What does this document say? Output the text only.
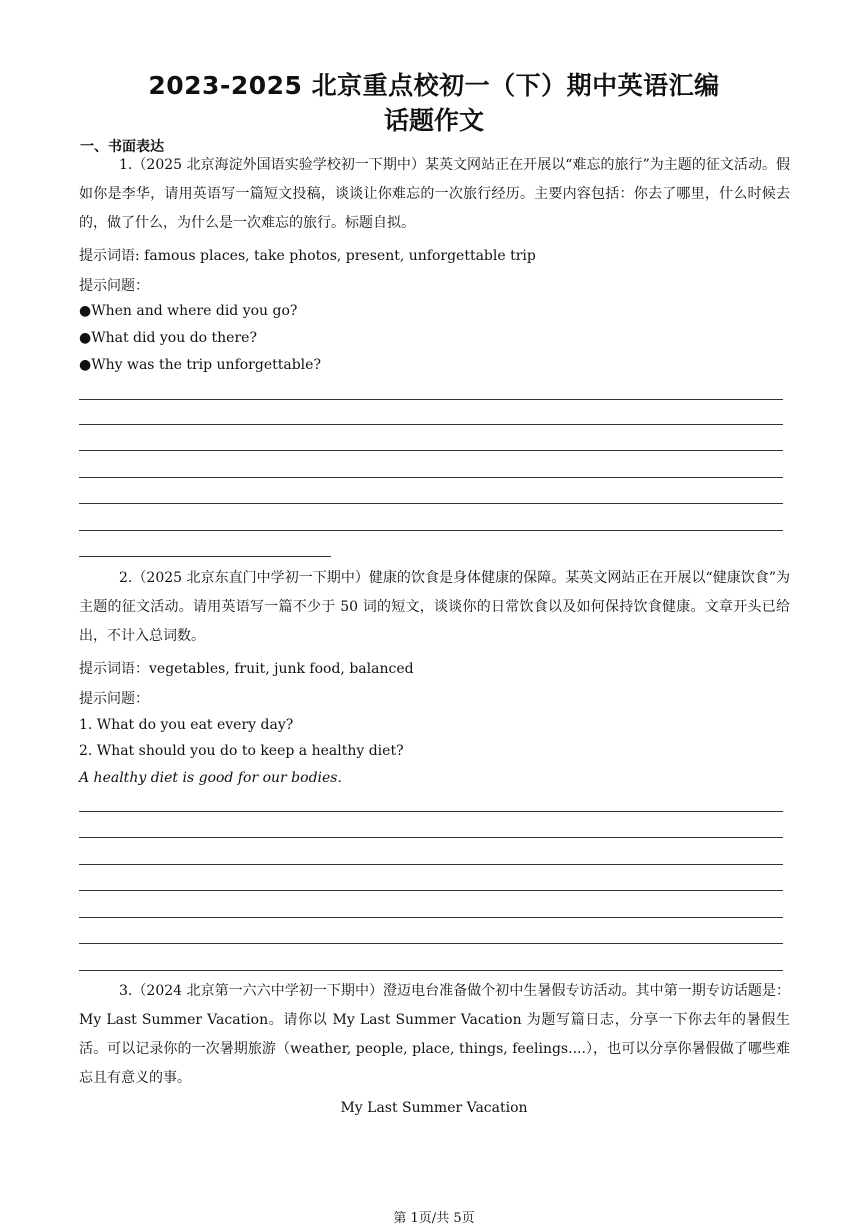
2023-2025 北京重点校初一（下）期中英语汇编
话题作文
一、书面表达
1.（2025 北京海淀外国语实验学校初一下期中）某英文网站正在开展以“难忘的旅行”为主题的征文活动。假如你是李华，请用英语写一篇短文投稿，谈谈让你难忘的一次旅行经历。主要内容包括：你去了哪里，什么时候去的，做了什么，为什么是一次难忘的旅行。标题自拟。
提示词语: famous places, take photos, present, unforgettable trip
提示问题：
●When and where did you go?
●What did you do there?
●Why was the trip unforgettable?
2.（2025 北京东直门中学初一下期中）健康的饮食是身体健康的保障。某英文网站正在开展以“健康饮食”为主题的征文活动。请用英语写一篇不少于 50 词的短文，谈谈你的日常饮食以及如何保持饮食健康。文章开头已给出，不计入总词数。
提示词语：vegetables, fruit, junk food, balanced
提示问题：
1. What do you eat every day?
2. What should you do to keep a healthy diet?
A healthy diet is good for our bodies.
3.（2024 北京第一六六中学初一下期中）澄迈电台准备做个初中生暑假专访活动。其中第一期专访话题是：My Last Summer Vacation。请你以 My Last Summer Vacation 为题写篇日志，分享一下你去年的暑假生活。可以记录你的一次暑期旅游（weather, people, place, things, feelings....），也可以分享你暑假做了哪些难忘且有意义的事。
My Last Summer Vacation
第 1页/共 5页
